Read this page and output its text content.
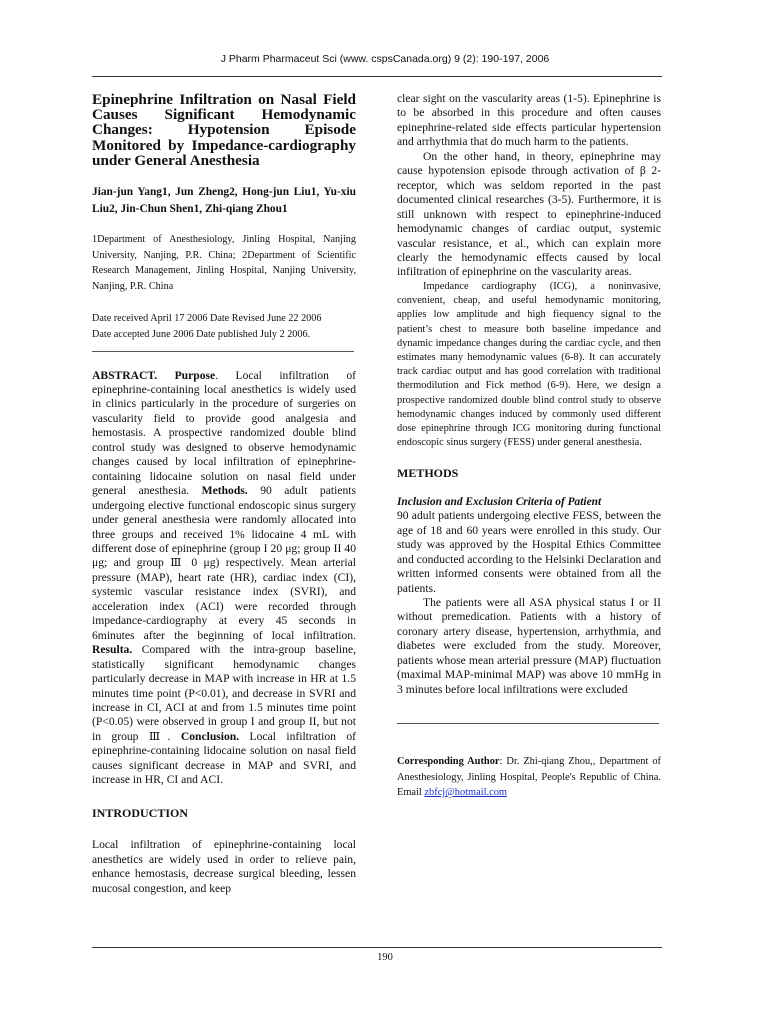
J Pharm Pharmaceut Sci (www. cspsCanada.org) 9 (2): 190-197, 2006

Epinephrine Infiltration on Nasal Field Causes Significant Hemodynamic Changes: Hypotension Episode Monitored by Impedance-cardiography under General Anesthesia

Jian-jun Yang1, Jun Zheng2, Hong-jun Liu1, Yu-xiu Liu2, Jin-Chun Shen1, Zhi-qiang Zhou1

1Department of Anesthesiology, Jinling Hospital, Nanjing University, Nanjing, P.R. China; 2Department of Scientific Research Management, Jinling Hospital, Nanjing University, Nanjing, P.R. China

Date received April 17 2006 Date Revised June 22 2006

Date accepted June 2006 Date published July 2 2006.

ABSTRACT. Purpose. Local infiltration of epinephrine-containing local anesthetics is widely used in clinics particularly in the procedure of surgeries on vascularity field to provide good analgesia and hemostasis. A prospective randomized double blind control study was designed to observe hemodynamic changes caused by local infiltration of epinephrine-containing lidocaine solution on nasal field under general anesthesia. Methods. 90 adult patients undergoing elective functional endoscopic sinus surgery under general anesthesia were randomly allocated into three groups and received 1% lidocaine 4 mL with different dose of epinephrine (group I 20 μg; group II 40 μg; and group Ⅲ 0 μg) respectively. Mean arterial pressure (MAP), heart rate (HR), cardiac index (CI), systemic vascular resistance index (SVRI), and acceleration index (ACI) were recorded through impedance-cardiography at every 45 seconds in 6minutes after the beginning of local infiltration. Resulta. Compared with the intra-group baseline, statistically significant hemodynamic changes particularly decrease in MAP with increase in HR at 1.5 minutes time point (P<0.01), and decrease in SVRI and increase in CI, ACI at and from 1.5 minutes time point (P<0.05) were observed in group I and group II, but not in group Ⅲ. Conclusion. Local infiltration of epinephrine-containing lidocaine solution on nasal field causes significant decrease in MAP and SVRI, and increase in HR, CI and ACI.

INTRODUCTION

Local infiltration of epinephrine-containing local anesthetics are widely used in order to relieve pain, enhance hemostasis, decrease surgical bleeding, lessen mucosal congestion, and keep

clear sight on the vascularity areas (1-5). Epinephrine is to be absorbed in this procedure and often causes epinephrine-related side effects particular hypertension and arrhythmia that do much harm to the patients.

On the other hand, in theory, epinephrine may cause hypotension episode through activation of β 2-receptor, which was seldom reported in the past documented clinical researches (3-5). Furthermore, it is still unknown with respect to epinephrine-induced hemodynamic changes of cardiac output, systemic vascular resistance, et al., which can explain more clearly the hemodynamic effects caused by local infiltration of epinephrine on the vascularity areas.

Impedance cardiography (ICG), a noninvasive, convenient, cheap, and useful hemodynamic monitoring, applies low amplitude and high fiequency signal to the patient’s chest to measure both baseline impedance and dynamic impedance changes during the cardiac cycle, and then estimates many hemodynamic values (6-8). It can accurately track cardiac output and has good correlation with traditional thermodilution and Fick method (6-9). Here, we design a prospective randomized double blind control study to observe hemodynamic changes induced by commonly used different dose epinephrine through ICG monitoring during functional endoscopic sinus surgery (FESS) under general anesthesia.

METHODS

Inclusion and Exclusion Criteria of Patient

90 adult patients undergoing elective FESS, between the age of 18 and 60 years were enrolled in this study. Our study was approved by the Hospital Ethics Committee and conducted according to the Helsinki Declaration and written informed consents were obtained from all the patients.

The patients were all ASA physical status I or II without premedication. Patients with a history of coronary artery disease, hypertension, arrhythmia, and diabetes were excluded from the study. Moreover, patients whose mean arterial pressure (MAP) fluctuation (maximal MAP-minimal MAP) was above 10 mmHg in 3 minutes before local infiltrations were excluded

Corresponding Author: Dr. Zhi-qiang Zhou,, Department of Anesthesiology, Jinling Hospital, People's Republic of China. Email zbfcj@hotmail.com

190
